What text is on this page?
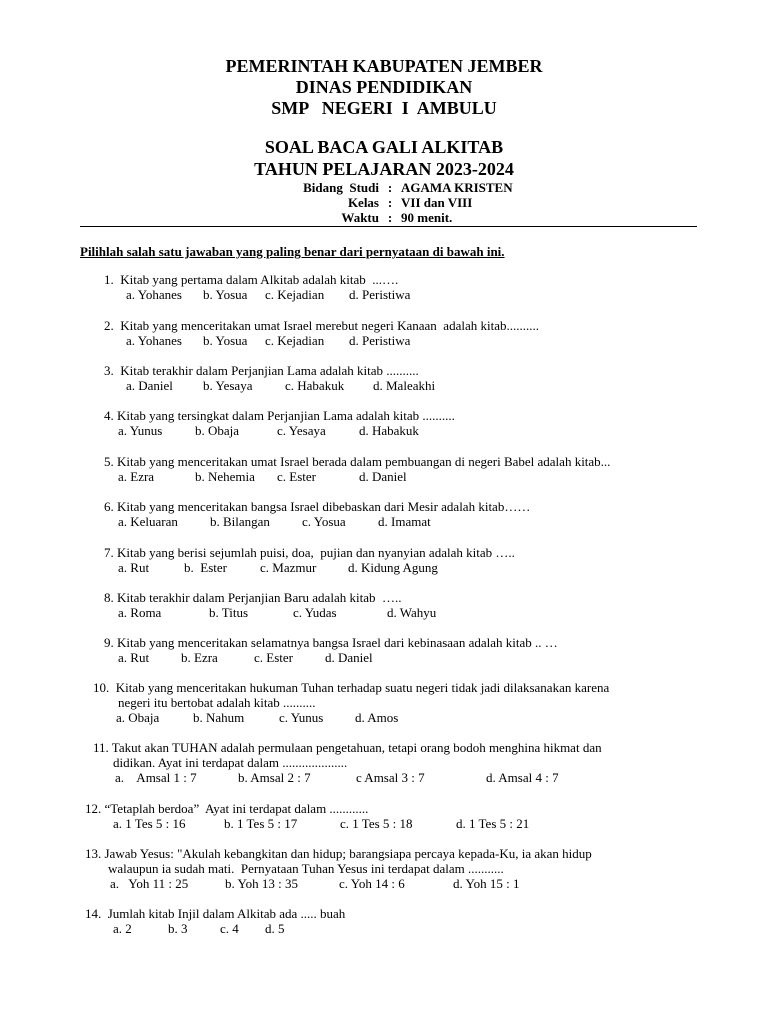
PEMERINTAH KABUPATEN JEMBER
DINAS PENDIDIKAN
SMP   NEGERI  I  AMBULU
SOAL BACA GALI ALKITAB
TAHUN PELAJARAN 2023-2024
Bidang  Studi : AGAMA KRISTEN
Kelas : VII dan VIII
Waktu : 90 menit.
Pilihlah salah satu jawaban yang paling benar dari pernyataan di bawah ini.
1.  Kitab yang pertama dalam Alkitab adalah kitab  ...….
a. Yohanes	b. Yosua	c. Kejadian	d. Peristiwa
2.  Kitab yang menceritakan umat Israel merebut negeri Kanaan  adalah kitab..........
a. Yohanes	b. Yosua	c. Kejadian	d. Peristiwa
3.  Kitab terakhir dalam Perjanjian Lama adalah kitab ..........
a. Daniel	b. Yesaya	c. Habakuk	d. Maleakhi
4. Kitab yang tersingkat dalam Perjanjian Lama adalah kitab ..........
a. Yunus	b. Obaja	c. Yesaya	d. Habakuk
5. Kitab yang menceritakan umat Israel berada dalam pembuangan di negeri Babel adalah kitab...
a. Ezra	b. Nehemia	c. Ester	d. Daniel
6. Kitab yang menceritakan bangsa Israel dibebaskan dari Mesir adalah kitab……
a. Keluaran	b. Bilangan	c. Yosua	d. Imamat
7. Kitab yang berisi sejumlah puisi, doa,  pujian dan nyanyian adalah kitab …..
a. Rut	b.  Ester	c. Mazmur	d. Kidung Agung
8. Kitab terakhir dalam Perjanjian Baru adalah kitab  …..
a. Roma	b. Titus	c. Yudas	d. Wahyu
9. Kitab yang menceritakan selamatnya bangsa Israel dari kebinasaan adalah kitab .. …
a. Rut	b. Ezra	c. Ester	d. Daniel
10.  Kitab yang menceritakan hukuman Tuhan terhadap suatu negeri tidak jadi dilaksanakan karena
negeri itu bertobat adalah kitab ..........
a. Obaja	b. Nahum	c. Yunus	d. Amos
11. Takut akan TUHAN adalah permulaan pengetahuan, tetapi orang bodoh menghina hikmat dan
didikan. Ayat ini terdapat dalam ....................
a.    Amsal 1 : 7	b. Amsal 2 : 7	c Amsal 3 : 7	d. Amsal 4 : 7
12. “Tetaplah berdoa”  Ayat ini terdapat dalam ............
a. 1 Tes 5 : 16	b. 1 Tes 5 : 17	c. 1 Tes 5 : 18	d. 1 Tes 5 : 21
13. Jawab Yesus: "Akulah kebangkitan dan hidup; barangsiapa percaya kepada-Ku, ia akan hidup
walaupun ia sudah mati.  Pernyataan Tuhan Yesus ini terdapat dalam ...........
a.   Yoh 11 : 25	b. Yoh 13 : 35	c. Yoh 14 : 6	d. Yoh 15 : 1
14.  Jumlah kitab Injil dalam Alkitab ada ..... buah
a. 2	b. 3	c. 4	d. 5
